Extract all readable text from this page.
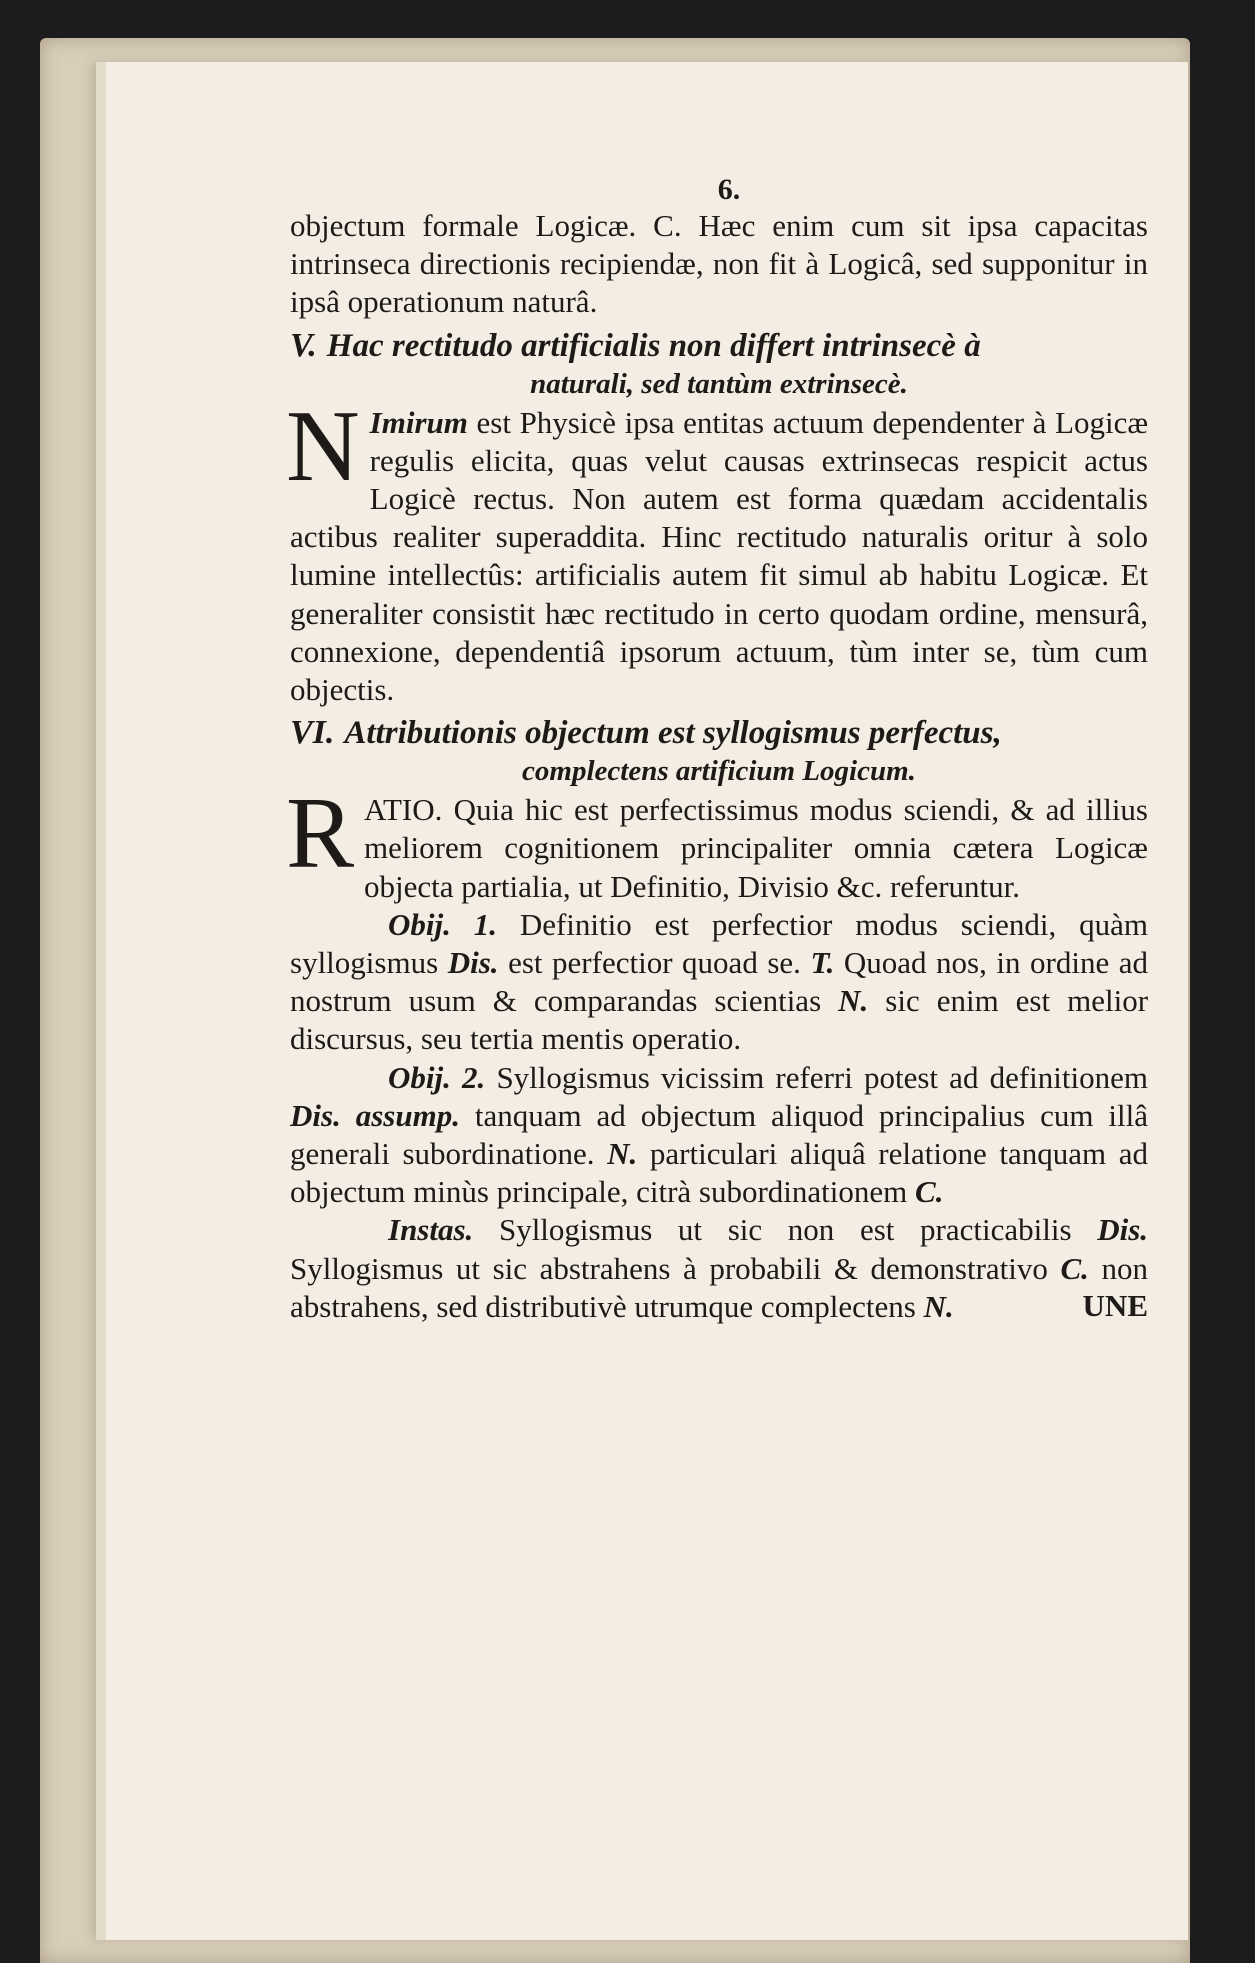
6.

objectum formale Logicæ. C. Hæc enim cum sit ipsa capacitas intrinseca directionis recipiendæ, non fit à Logicâ, sed supponitur in ipsâ operationum naturâ.

V. Hac rectitudo artificialis non differt intrinsecè à
naturali, sed tantùm extrinsecè.

N Imirum est Physicè ipsa entitas actuum dependenter à Logicæ regulis elicita, quas velut causas extrinsecas respicit actus Logicè rectus. Non autem est forma quædam accidentalis actibus realiter superaddita. Hinc rectitudo naturalis oritur à solo lumine intellectûs: artificialis autem fit simul ab habitu Logicæ. Et generaliter consistit hæc rectitudo in certo quodam ordine, mensurâ, connexione, dependentiâ ipsorum actuum, tùm inter se, tùm cum objectis.

VI. Attributionis objectum est syllogismus perfectus,
complectens artificium Logicum.

RATIO. Quia hic est perfectissimus modus sciendi, & ad illius meliorem cognitionem principaliter omnia cætera Logicæ objecta partialia, ut Definitio, Divisio &c. referuntur.

Obij. 1. Definitio est perfectior modus sciendi, quàm syllogismus Dis. est perfectior quoad se. T. Quoad nos, in ordine ad nostrum usum & comparandas scientias N. sic enim est melior discursus, seu tertia mentis operatio.

Obij. 2. Syllogismus vicissim referri potest ad definitionem Dis. assump. tanquam ad objectum aliquod principalius cum illâ generali subordinatione. N. particulari aliquâ relatione tanquam ad objectum minùs principale, citrà subordinationem C.

Instas. Syllogismus ut sic non est practicabilis Dis. Syllogismus ut sic abstrahens à probabili & demonstrativo C. non abstrahens, sed distributivè utrumque complectens N.	UNE
